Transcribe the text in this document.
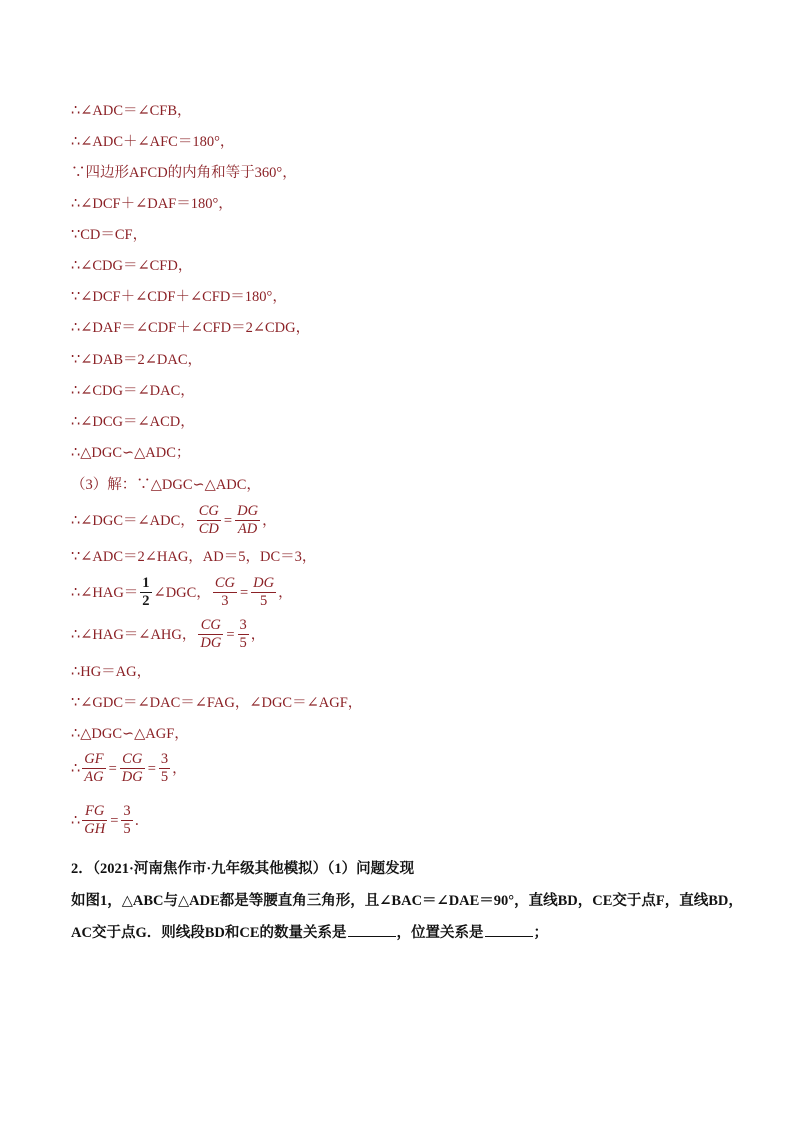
∴∠ADC＝∠CFB，
∴∠ADC＋∠AFC＝180°，
∵四边形AFCD的内角和等于360°，
∴∠DCF＋∠DAF＝180°，
∵CD＝CF，
∴∠CDG＝∠CFD，
∵∠DCF＋∠CDF＋∠CFD＝180°，
∴∠DAF＝∠CDF＋∠CFD＝2∠CDG，
∵∠DAB＝2∠DAC，
∴∠CDG＝∠DAC，
∴∠DCG＝∠ACD，
∴△DGC∽△ADC；
（3）解：∵△DGC∽△ADC，
∴∠DGC＝∠ADC， $\frac{CG}{CD} = \frac{DG}{AD}$ ，
∵∠ADC＝2∠HAG，AD＝5，DC＝3，
∴∠HAG＝ $\frac{1}{2}$ ∠DGC， $\frac{CG}{3} = \frac{DG}{5}$ ，
∴∠HAG＝∠AHG， $\frac{CG}{DG} = \frac{3}{5}$ ，
∴HG＝AG，
∵∠GDC＝∠DAC＝∠FAG，∠DGC＝∠AGF，
∴△DGC∽△AGF，
∴ $\frac{GF}{AG} = \frac{CG}{DG} = \frac{3}{5}$ ，
∴ $\frac{FG}{GH} = \frac{3}{5}$ ．
2．（2021·河南焦作市·九年级其他模拟）（1）问题发现
如图1，△ABC与△ADE都是等腰直角三角形，且∠BAC＝∠DAE＝90°，直线BD，CE交于点F，直线BD，
AC交于点G．则线段BD和CE的数量关系是	，位置关系是	；
